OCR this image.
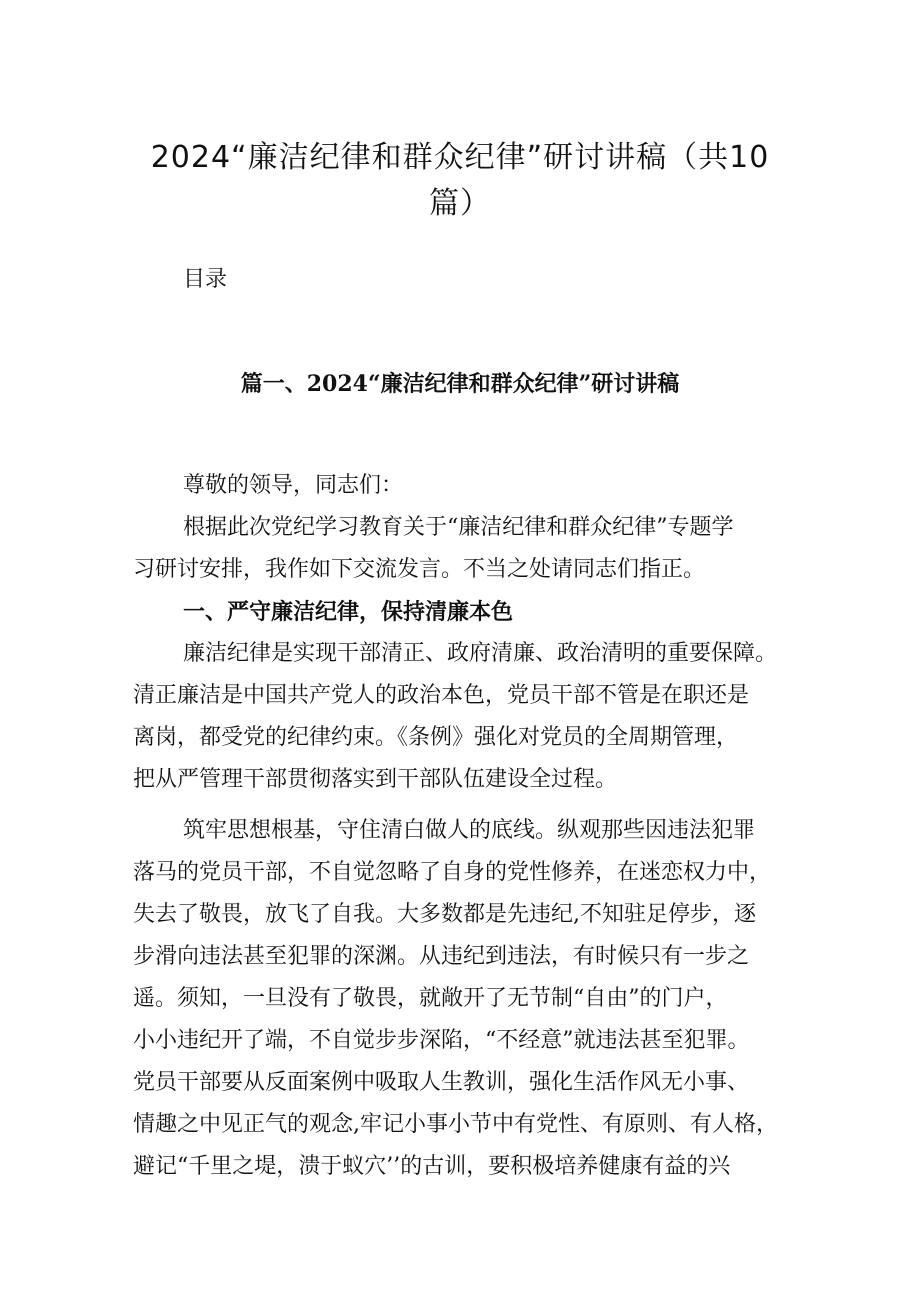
2024“廉洁纪律和群众纪律”研讨讲稿（共10
篇）
目录
篇一、2024“廉洁纪律和群众纪律”研讨讲稿
尊敬的领导，同志们：
根据此次党纪学习教育关于“廉洁纪律和群众纪律”专题学
习研讨安排，我作如下交流发言。不当之处请同志们指正。
一、严守廉洁纪律，保持清廉本色
廉洁纪律是实现干部清正、政府清廉、政治清明的重要保障。
清正廉洁是中国共产党人的政治本色，党员干部不管是在职还是
离岗，都受党的纪律约束。《条例》强化对党员的全周期管理，
把从严管理干部贯彻落实到干部队伍建设全过程。
筑牢思想根基，守住清白做人的底线。纵观那些因违法犯罪
落马的党员干部，不自觉忽略了自身的党性修养，在迷恋权力中，
失去了敬畏，放飞了自我。大多数都是先违纪,不知驻足停步，逐
步滑向违法甚至犯罪的深渊。从违纪到违法，有时候只有一步之
遥。须知，一旦没有了敬畏，就敞开了无节制“自由”的门户，
小小违纪开了端，不自觉步步深陷，“不经意”就违法甚至犯罪。
党员干部要从反面案例中吸取人生教训，强化生活作风无小事、
情趣之中见正气的观念,牢记小事小节中有党性、有原则、有人格，
避记“千里之堤，溃于蚁穴’’的古训，要积极培养健康有益的兴
